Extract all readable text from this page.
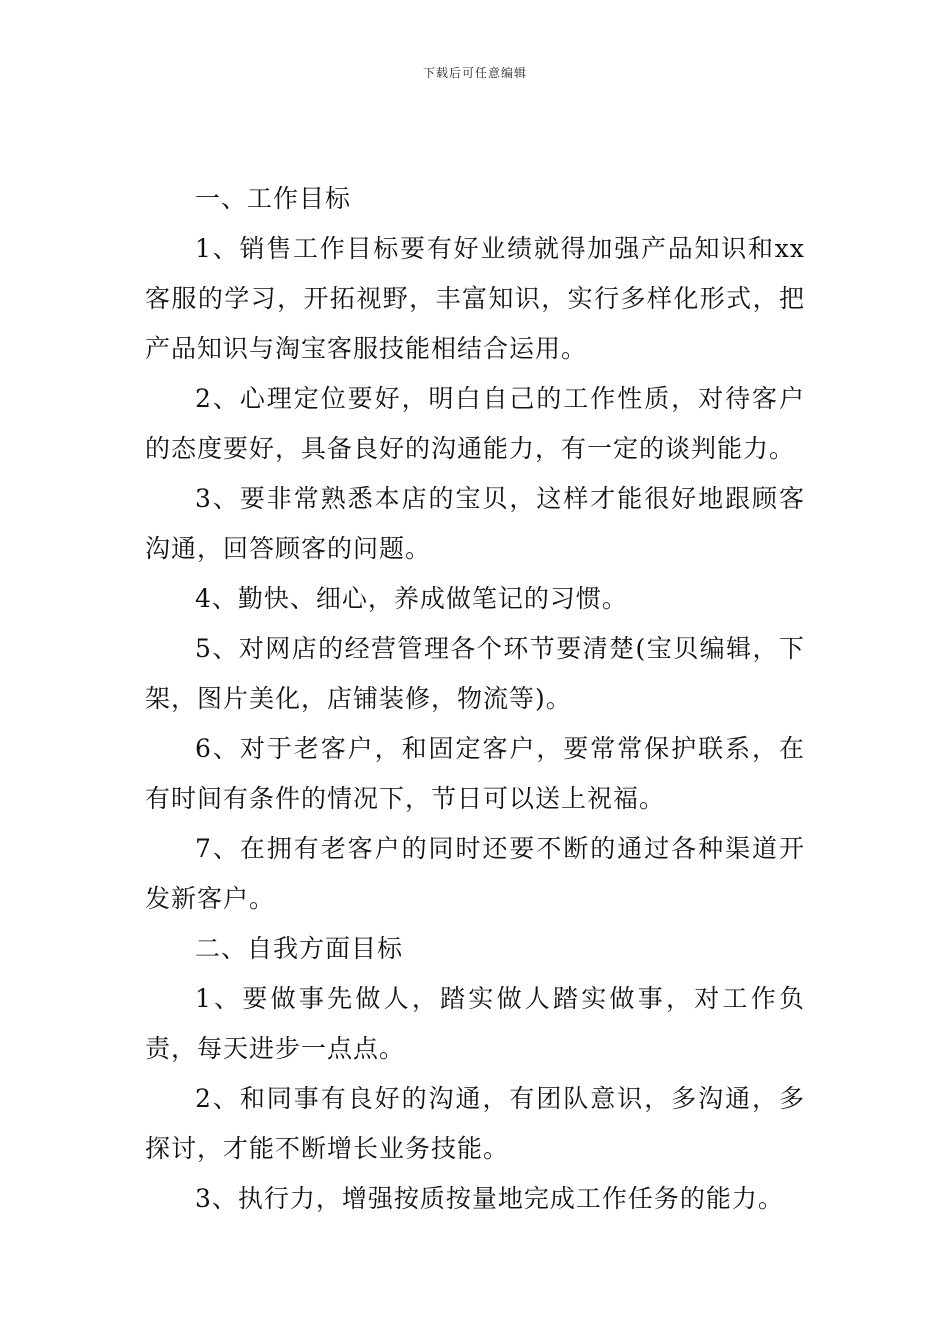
下载后可任意编辑

一、工作目标

1、销售工作目标要有好业绩就得加强产品知识和xx客服的学习，开拓视野，丰富知识，实行多样化形式，把产品知识与淘宝客服技能相结合运用。

2、心理定位要好，明白自己的工作性质，对待客户的态度要好，具备良好的沟通能力，有一定的谈判能力。

3、要非常熟悉本店的宝贝，这样才能很好地跟顾客沟通，回答顾客的问题。

4、勤快、细心，养成做笔记的习惯。

5、对网店的经营管理各个环节要清楚(宝贝编辑，下架，图片美化，店铺装修，物流等)。

6、对于老客户，和固定客户，要常常保护联系，在有时间有条件的情况下，节日可以送上祝福。

7、在拥有老客户的同时还要不断的通过各种渠道开发新客户。

二、自我方面目标

1、要做事先做人，踏实做人踏实做事，对工作负责，每天进步一点点。

2、和同事有良好的沟通，有团队意识，多沟通，多探讨，才能不断增长业务技能。

3、执行力，增强按质按量地完成工作任务的能力。
